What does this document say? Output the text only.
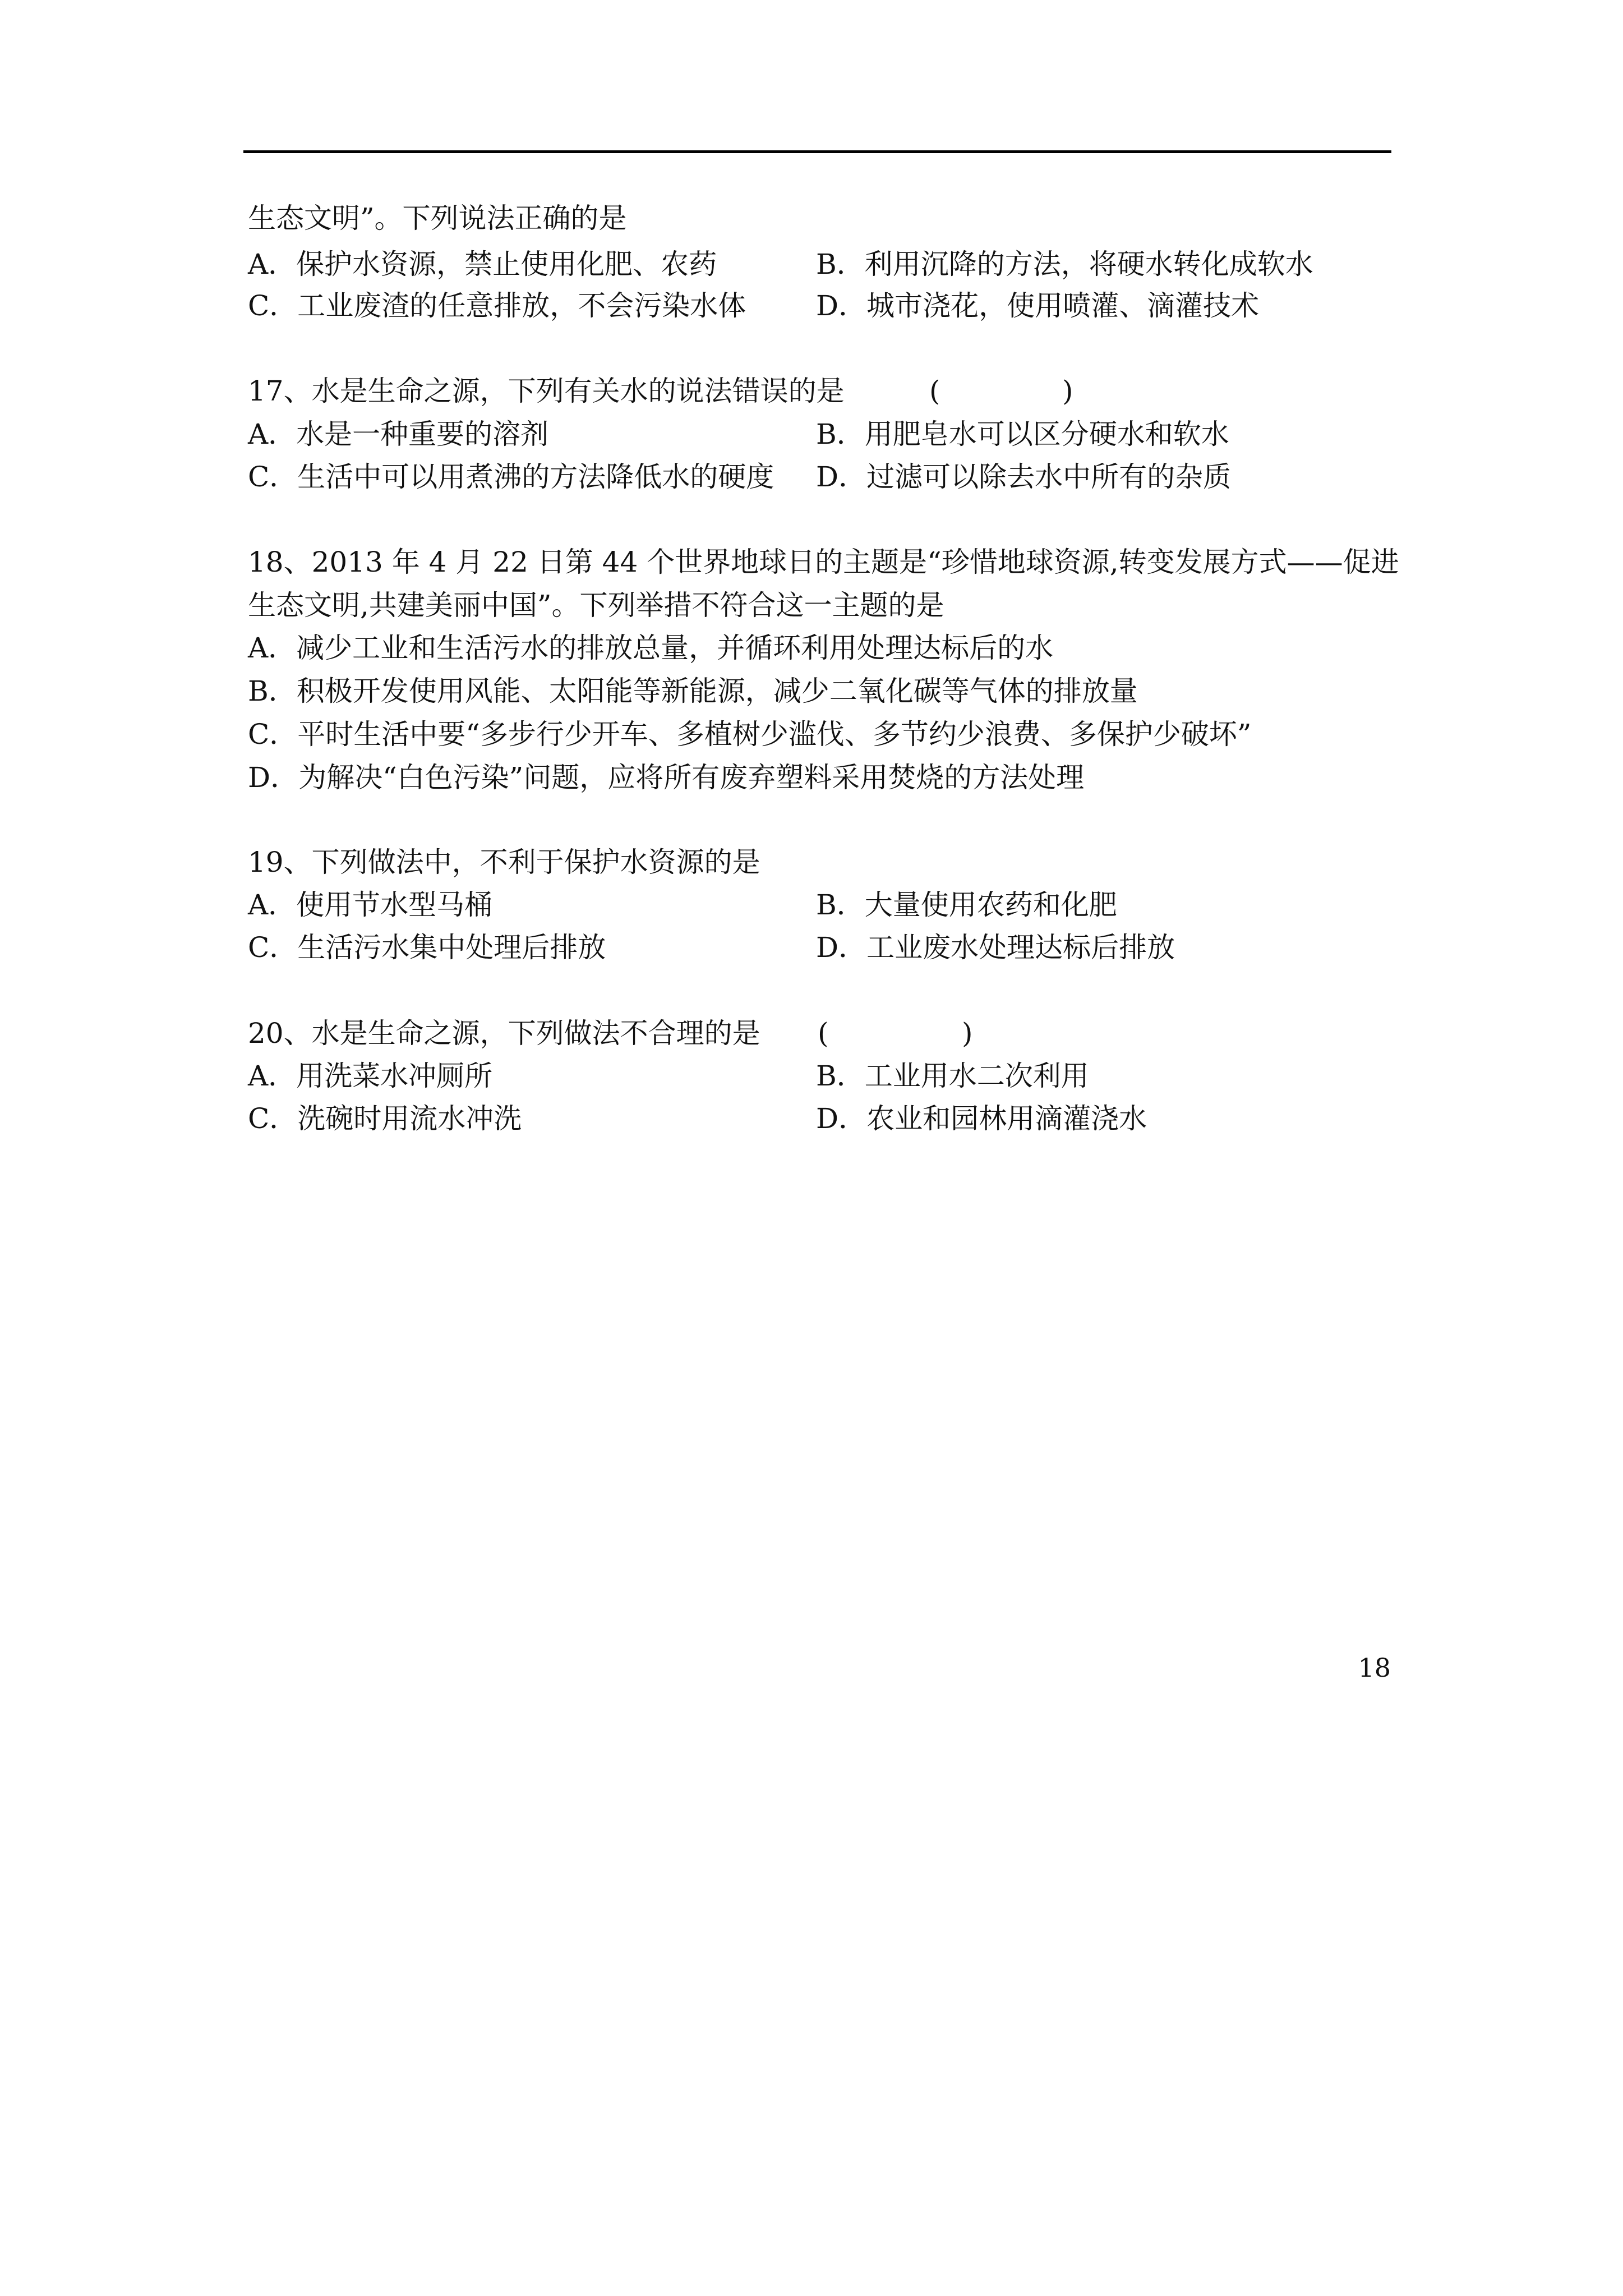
生态文明”。下列说法正确的是
A．保护水资源，禁止使用化肥、农药	B．利用沉降的方法，将硬水转化成软水
C．工业废渣的任意排放，不会污染水体 D．城市浇花，使用喷灌、滴灌技术
17、水是生命之源，下列有关水的说法错误的是	(	)
A．水是一种重要的溶剂	B．用肥皂水可以区分硬水和软水
C．生活中可以用煮沸的方法降低水的硬度 D．过滤可以除去水中所有的杂质
18、2013 年 4 月 22 日第 44 个世界地球日的主题是“珍惜地球资源,转变发展方式——促进
生态文明,共建美丽中国”。下列举措不符合这一主题的是
A．减少工业和生活污水的排放总量，并循环利用处理达标后的水
B．积极开发使用风能、太阳能等新能源，减少二氧化碳等气体的排放量
C．平时生活中要“多步行少开车、多植树少滥伐、多节约少浪费、多保护少破坏”
D．为解决“白色污染”问题，应将所有废弃塑料采用焚烧的方法处理
19、下列做法中，不利于保护水资源的是
A．使用节水型马桶	B．大量使用农药和化肥
C．生活污水集中处理后排放	D．工业废水处理达标后排放
20、水是生命之源，下列做法不合理的是 (	)
A．用洗菜水冲厕所	B．工业用水二次利用
C．洗碗时用流水冲洗	D．农业和园林用滴灌浇水
18
